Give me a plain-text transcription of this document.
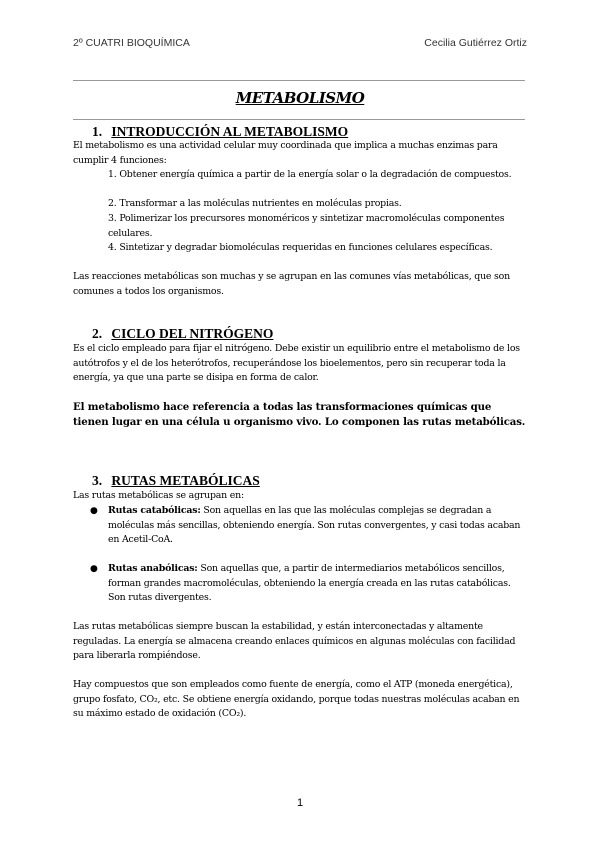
2º CUATRI BIOQUÍMICA	Cecilia Gutiérrez Ortiz
METABOLISMO
1. INTRODUCCIÓN AL METABOLISMO
El metabolismo es una actividad celular muy coordinada que implica a muchas enzimas para cumplir 4 funciones:
1. Obtener energía química a partir de la energía solar o la degradación de compuestos.
2. Transformar a las moléculas nutrientes en moléculas propias.
3. Polimerizar los precursores monoméricos y sintetizar macromoléculas componentes celulares.
4. Sintetizar y degradar biomoléculas requeridas en funciones celulares específicas.
Las reacciones metabólicas son muchas y se agrupan en las comunes vías metabólicas, que son comunes a todos los organismos.
2. CICLO DEL NITRÓGENO
Es el ciclo empleado para fijar el nitrógeno. Debe existir un equilibrio entre el metabolismo de los autótrofos y el de los heterótrofos, recuperándose los bioelementos, pero sin recuperar toda la energía, ya que una parte se disipa en forma de calor.
El metabolismo hace referencia a todas las transformaciones químicas que tienen lugar en una célula u organismo vivo. Lo componen las rutas metabólicas.
3. RUTAS METABÓLICAS
Las rutas metabólicas se agrupan en:
● Rutas catabólicas: Son aquellas en las que las moléculas complejas se degradan a moléculas más sencillas, obteniendo energía. Son rutas convergentes, y casi todas acaban en Acetil-CoA.
● Rutas anabólicas: Son aquellas que, a partir de intermediarios metabólicos sencillos, forman grandes macromoléculas, obteniendo la energía creada en las rutas catabólicas. Son rutas divergentes.
Las rutas metabólicas siempre buscan la estabilidad, y están interconectadas y altamente reguladas. La energía se almacena creando enlaces químicos en algunas moléculas con facilidad para liberarla rompiéndose.
Hay compuestos que son empleados como fuente de energía, como el ATP (moneda energética), grupo fosfato, CO₂, etc. Se obtiene energía oxidando, porque todas nuestras moléculas acaban en su máximo estado de oxidación (CO₂).
1
